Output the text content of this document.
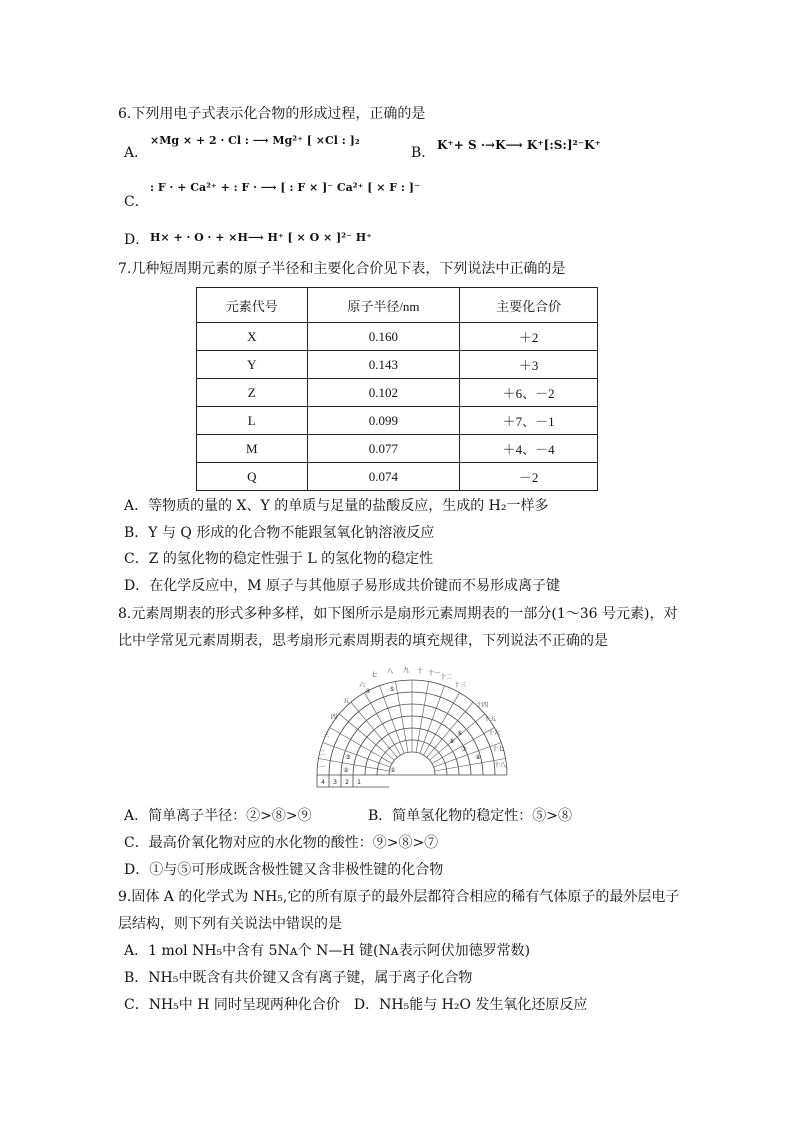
6.下列用电子式表示化合物的形成过程，正确的是
A．
×Mg × + 2 · Cl : ⟶ Mg²⁺ [ ×Cl : ]₂
B． K⁺+ S ·→K⟶ K⁺[:S:]²⁻K⁺
C．
: F · + Ca²⁺ + : F · ⟶ [ : F × ]⁻ Ca²⁺ [ × F : ]⁻
D． H× + · O · + ×H⟶ H⁺ [ × O × ]²⁻ H⁺
7.几种短周期元素的原子半径和主要化合价见下表，下列说法中正确的是
元素代号	原子半径/nm	主要化合价
X	0.160	＋2
Y	0.143	＋3
Z	0.102	＋6、－2
L	0.099	＋7、－1
M	0.077	＋4、－4
Q	0.074	－2
A．等物质的量的 X、Y 的单质与足量的盐酸反应，生成的 H₂一样多
B．Y 与 Q 形成的化合物不能跟氢氧化钠溶液反应
C．Z 的氢化物的稳定性强于 L 的氢化物的稳定性
D．在化学反应中，M 原子与其他原子易形成共价键而不易形成离子键
8.元素周期表的形式多种多样，如下图所示是扇形元素周期表的一部分(1～36 号元素)，对
比中学常见元素周期表，思考扇形元素周期表的填充规律，下列说法不正确的是
六
七
八 九 十 十一
十二
十三
十四
十五
十六
十七
十八
五
四
三
二
一	①
②
③
④	⑤
⑥
⑦
⑧
⑨
4 3 2 1
A．简单离子半径：②>⑧>⑨	B．简单氢化物的稳定性：⑤>⑧
C．最高价氧化物对应的水化物的酸性：⑨>⑧>⑦
D．①与⑤可形成既含极性键又含非极性键的化合物
9.固体 A 的化学式为 NH₅,它的所有原子的最外层都符合相应的稀有气体原子的最外层电子
层结构，则下列有关说法中错误的是
A．1 mol NH₅中含有 5Nᴀ个 N—H 键(Nᴀ表示阿伏加德罗常数)
B．NH₅中既含有共价键又含有离子键，属于离子化合物
C．NH₅中 H 同时呈现两种化合价　D．NH₅能与 H₂O 发生氧化还原反应
